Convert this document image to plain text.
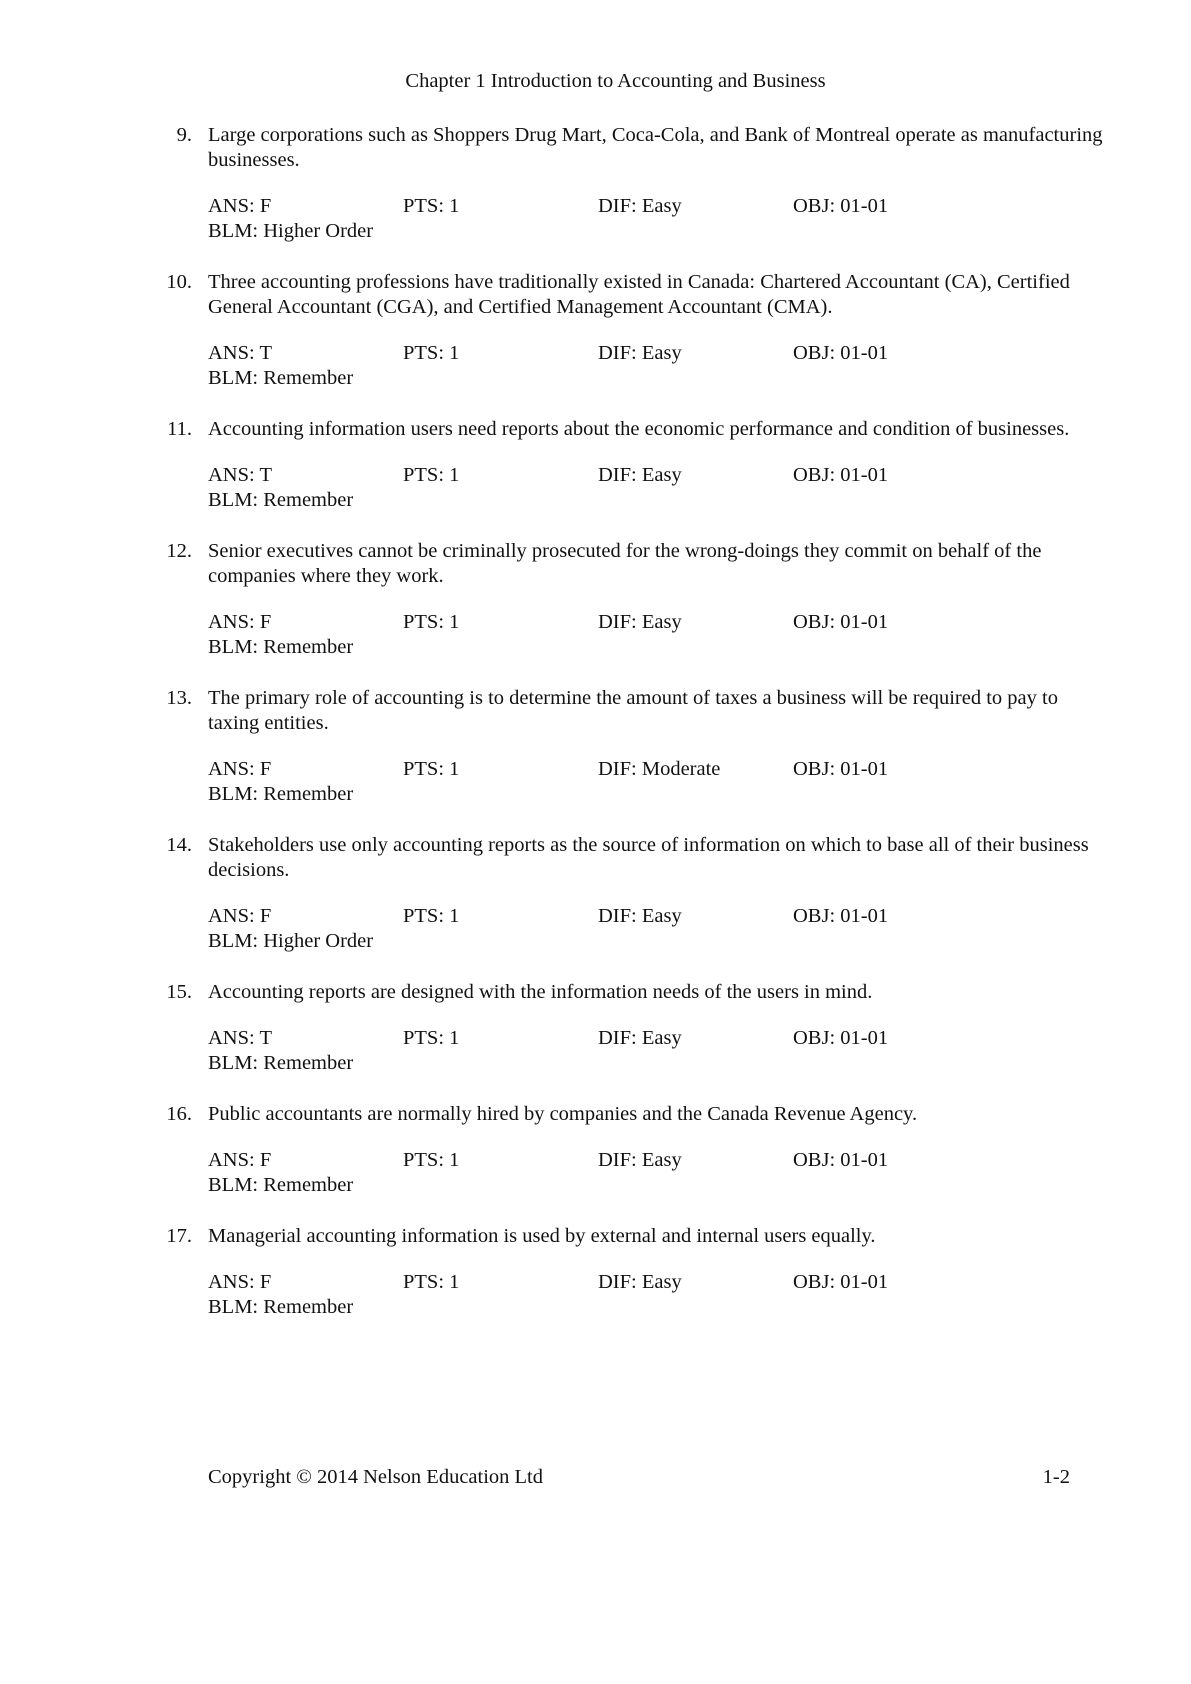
Chapter 1 Introduction to Accounting and Business
9. Large corporations such as Shoppers Drug Mart, Coca-Cola, and Bank of Montreal operate as manufacturing businesses.
ANS: F	PTS: 1	DIF: Easy	OBJ: 01-01
BLM: Higher Order
10. Three accounting professions have traditionally existed in Canada: Chartered Accountant (CA), Certified General Accountant (CGA), and Certified Management Accountant (CMA).
ANS: T	PTS: 1	DIF: Easy	OBJ: 01-01
BLM: Remember
11. Accounting information users need reports about the economic performance and condition of businesses.
ANS: T	PTS: 1	DIF: Easy	OBJ: 01-01
BLM: Remember
12. Senior executives cannot be criminally prosecuted for the wrong-doings they commit on behalf of the companies where they work.
ANS: F	PTS: 1	DIF: Easy	OBJ: 01-01
BLM: Remember
13. The primary role of accounting is to determine the amount of taxes a business will be required to pay to taxing entities.
ANS: F	PTS: 1	DIF: Moderate	OBJ: 01-01
BLM: Remember
14. Stakeholders use only accounting reports as the source of information on which to base all of their business decisions.
ANS: F	PTS: 1	DIF: Easy	OBJ: 01-01
BLM: Higher Order
15. Accounting reports are designed with the information needs of the users in mind.
ANS: T	PTS: 1	DIF: Easy	OBJ: 01-01
BLM: Remember
16. Public accountants are normally hired by companies and the Canada Revenue Agency.
ANS: F	PTS: 1	DIF: Easy	OBJ: 01-01
BLM: Remember
17. Managerial accounting information is used by external and internal users equally.
ANS: F	PTS: 1	DIF: Easy	OBJ: 01-01
BLM: Remember
Copyright © 2014 Nelson Education Ltd	1-2
